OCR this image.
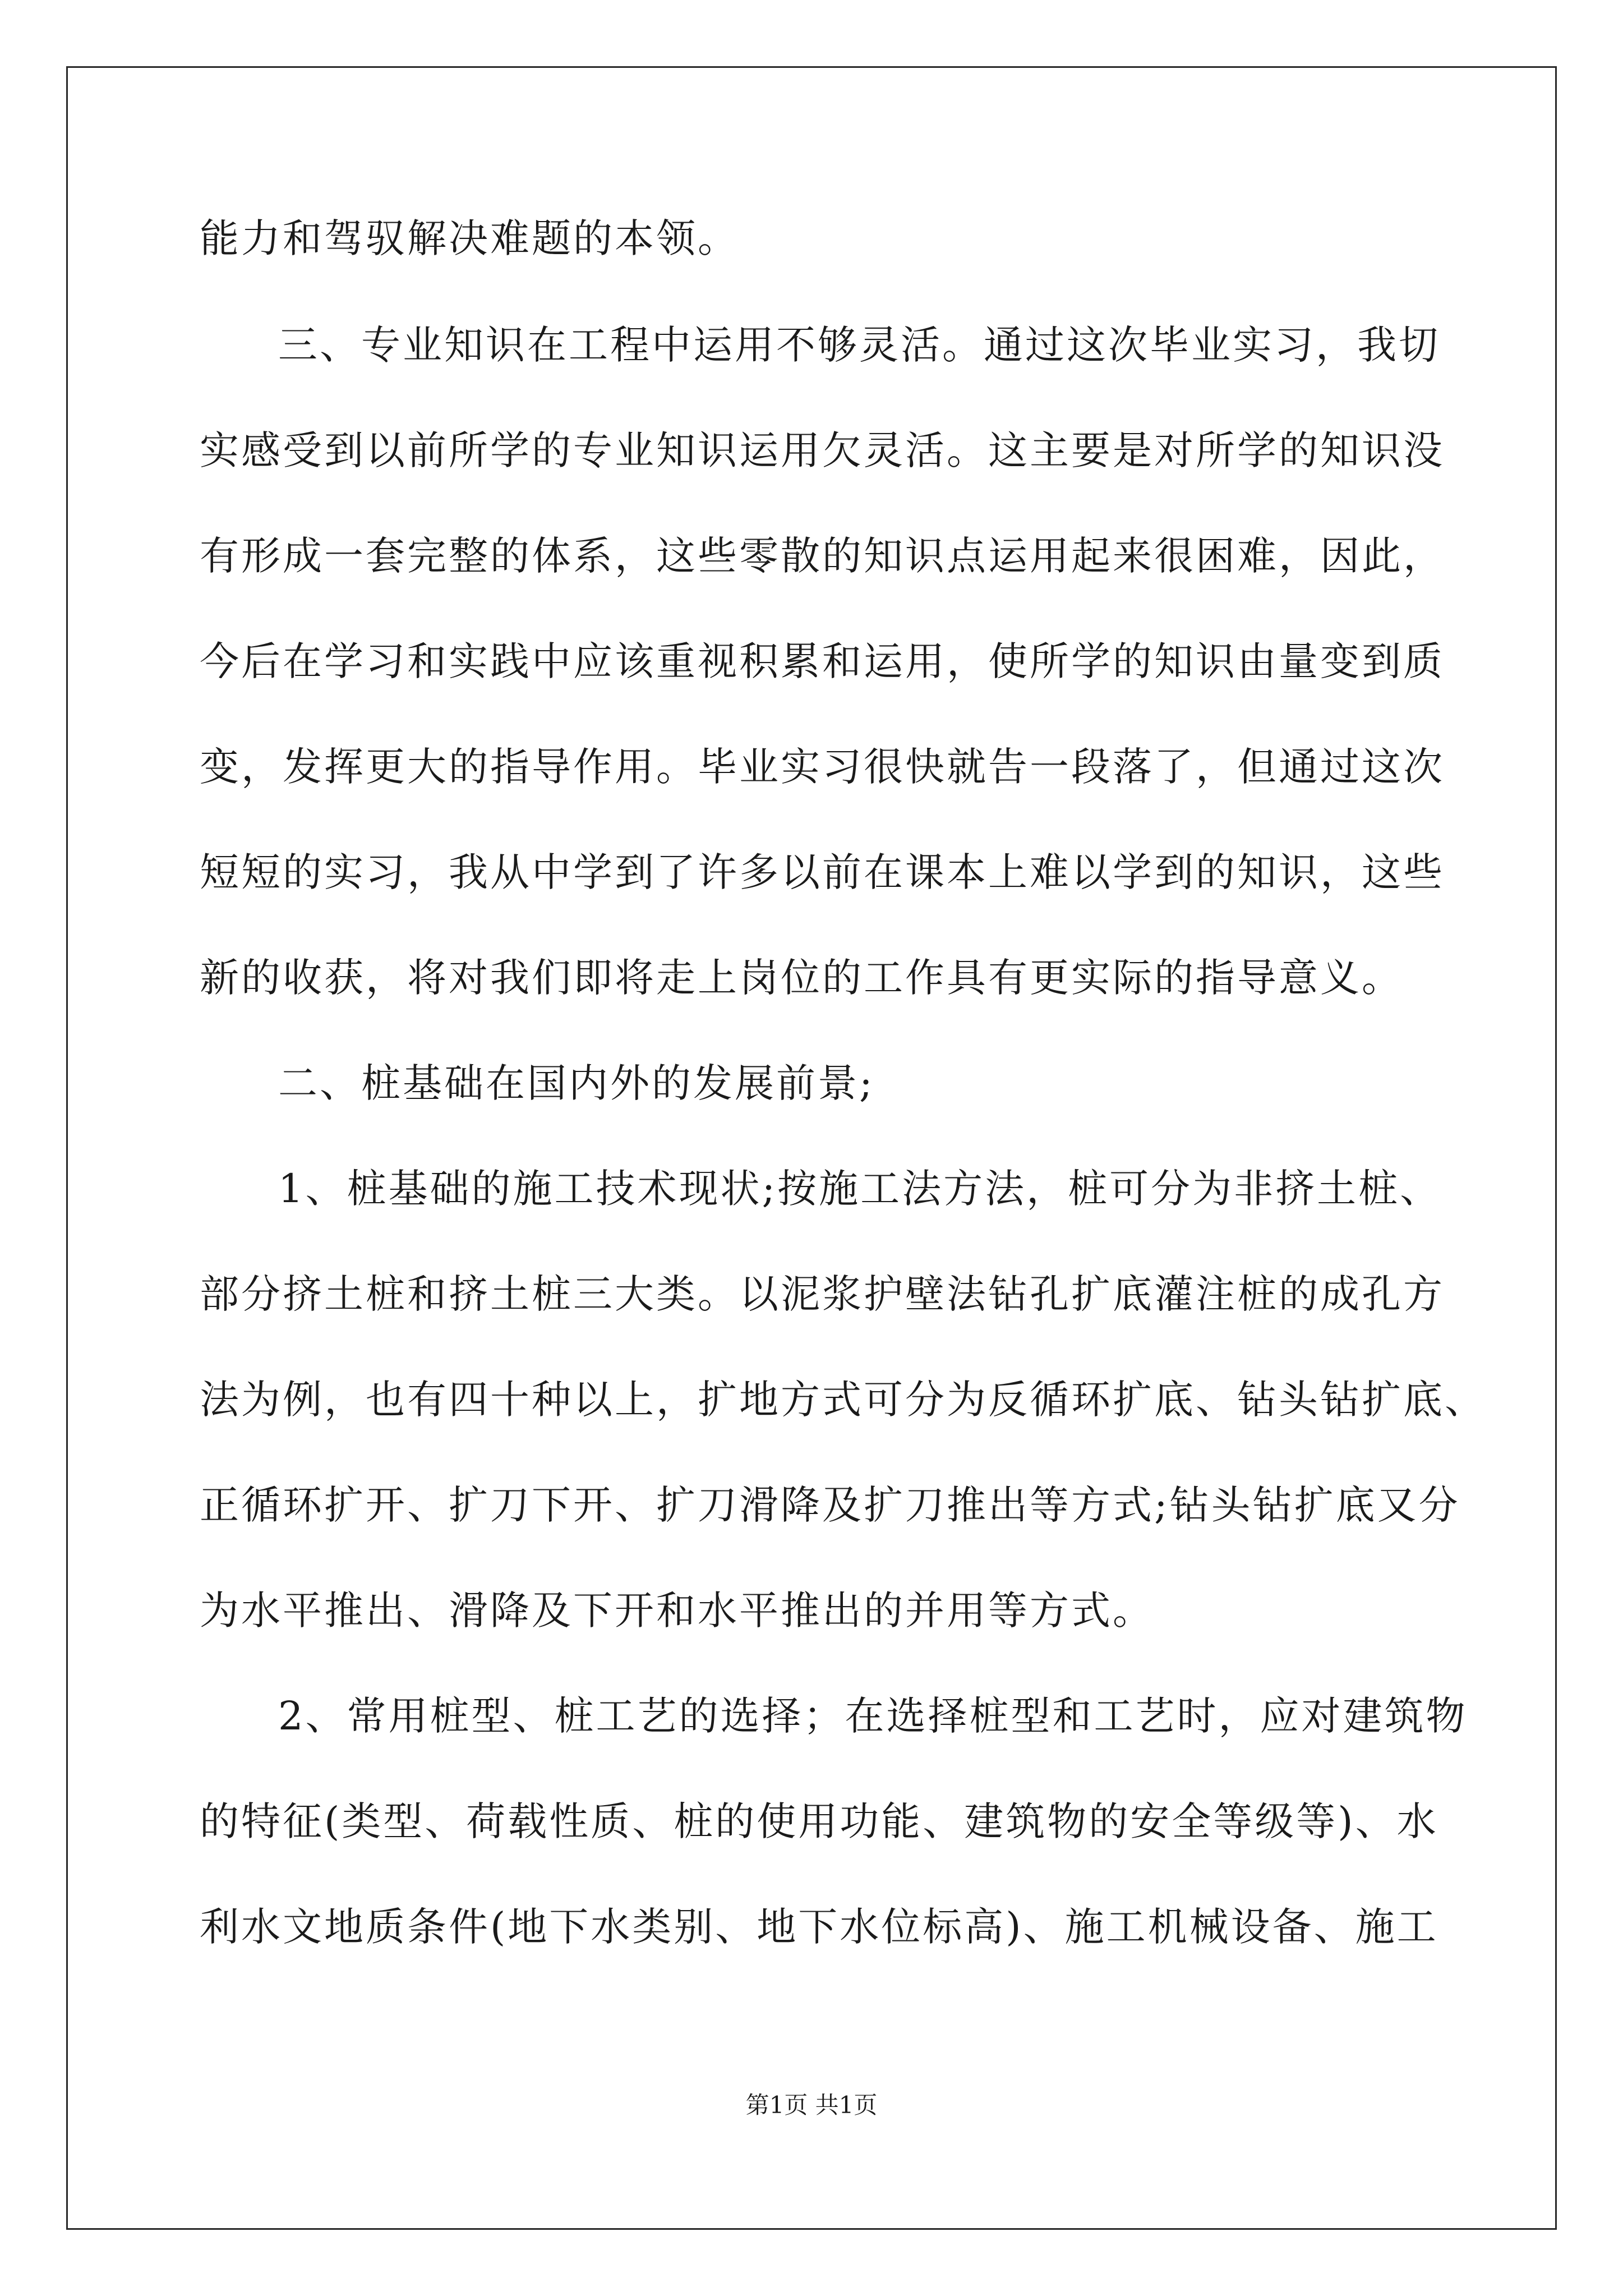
能力和驾驭解决难题的本领。
三、专业知识在工程中运用不够灵活。通过这次毕业实习，我切
实感受到以前所学的专业知识运用欠灵活。这主要是对所学的知识没
有形成一套完整的体系，这些零散的知识点运用起来很困难，因此，
今后在学习和实践中应该重视积累和运用，使所学的知识由量变到质
变，发挥更大的指导作用。毕业实习很快就告一段落了，但通过这次
短短的实习，我从中学到了许多以前在课本上难以学到的知识，这些
新的收获，将对我们即将走上岗位的工作具有更实际的指导意义。
二、桩基础在国内外的发展前景;
1、桩基础的施工技术现状;按施工法方法，桩可分为非挤土桩、
部分挤土桩和挤土桩三大类。以泥浆护壁法钻孔扩底灌注桩的成孔方
法为例，也有四十种以上，扩地方式可分为反循环扩底、钻头钻扩底、
正循环扩开、扩刀下开、扩刀滑降及扩刀推出等方式;钻头钻扩底又分
为水平推出、滑降及下开和水平推出的并用等方式。
2、常用桩型、桩工艺的选择；在选择桩型和工艺时，应对建筑物
的特征(类型、荷载性质、桩的使用功能、建筑物的安全等级等)、水
利水文地质条件(地下水类别、地下水位标高)、施工机械设备、施工
第1页 共1页
